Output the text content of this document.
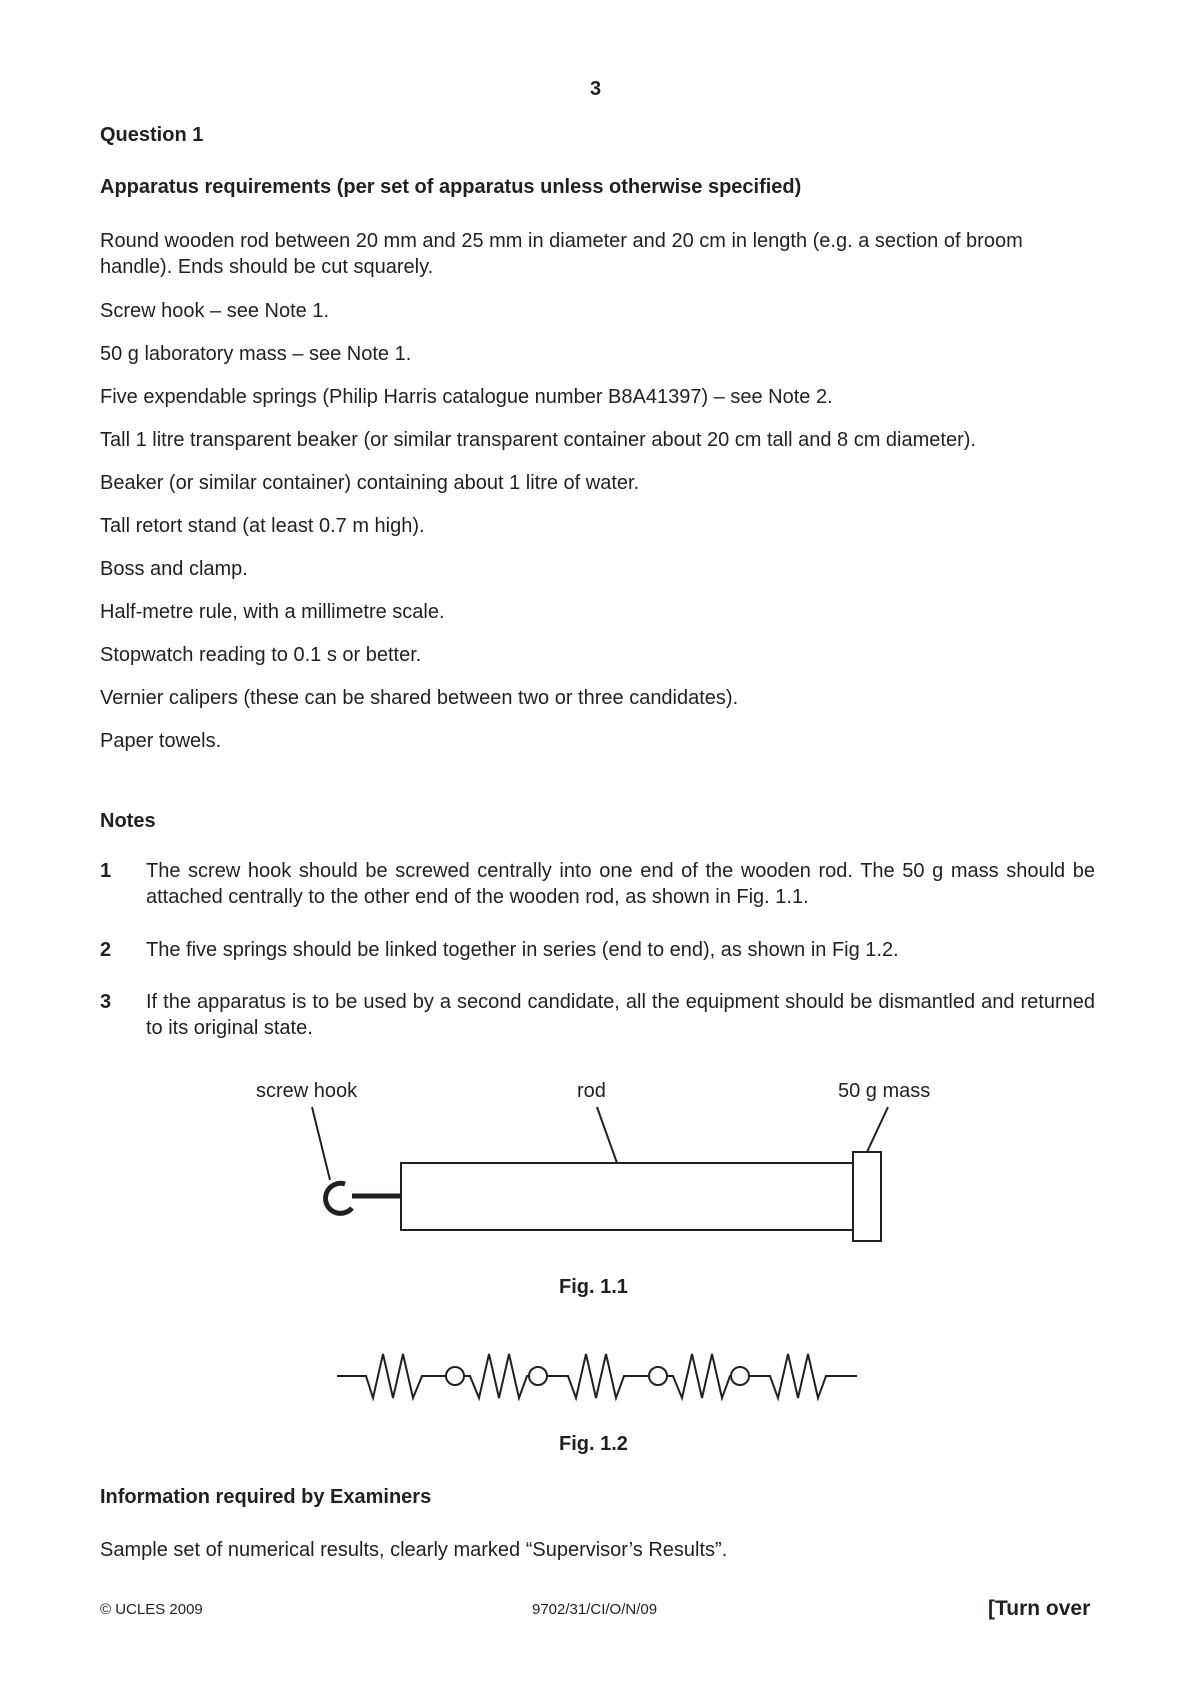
3
Question 1
Apparatus requirements (per set of apparatus unless otherwise specified)
Round wooden rod between 20 mm and 25 mm in diameter and 20 cm in length (e.g. a section of broom handle). Ends should be cut squarely.
Screw hook – see Note 1.
50 g laboratory mass – see Note 1.
Five expendable springs (Philip Harris catalogue number B8A41397) – see Note 2.
Tall 1 litre transparent beaker (or similar transparent container about 20 cm tall and 8 cm diameter).
Beaker (or similar container) containing about 1 litre of water.
Tall retort stand (at least 0.7 m high).
Boss and clamp.
Half-metre rule, with a millimetre scale.
Stopwatch reading to 0.1 s or better.
Vernier calipers (these can be shared between two or three candidates).
Paper towels.
Notes
1 The screw hook should be screwed centrally into one end of the wooden rod. The 50 g mass should be attached centrally to the other end of the wooden rod, as shown in Fig. 1.1.
2 The five springs should be linked together in series (end to end), as shown in Fig 1.2.
3 If the apparatus is to be used by a second candidate, all the equipment should be dismantled and returned to its original state.
screw hook	rod	50 g mass
Fig. 1.1
Fig. 1.2
Information required by Examiners
Sample set of numerical results, clearly marked “Supervisor’s Results”.
© UCLES 2009	9702/31/CI/O/N/09	[Turn over
